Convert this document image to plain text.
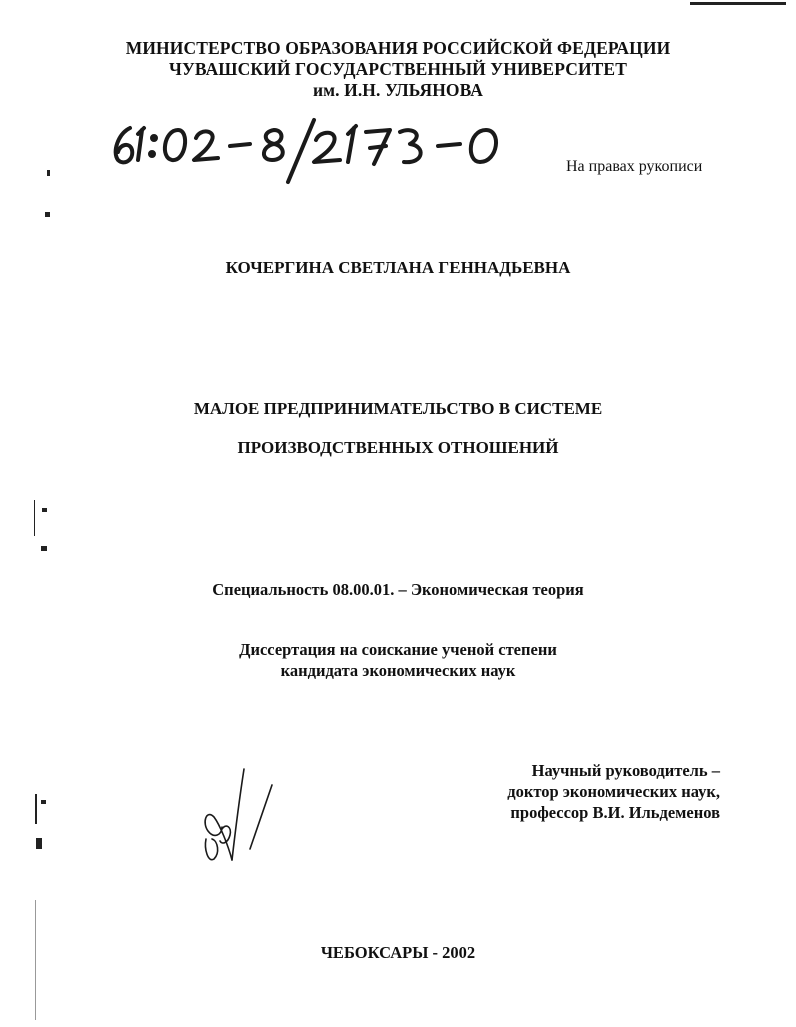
МИНИСТЕРСТВО ОБРАЗОВАНИЯ РОССИЙСКОЙ ФЕДЕРАЦИИ
ЧУВАШСКИЙ ГОСУДАРСТВЕННЫЙ УНИВЕРСИТЕТ
им. И.Н. УЛЬЯНОВА
На правах рукописи
КОЧЕРГИНА СВЕТЛАНА ГЕННАДЬЕВНА
МАЛОЕ ПРЕДПРИНИМАТЕЛЬСТВО В СИСТЕМЕ
ПРОИЗВОДСТВЕННЫХ ОТНОШЕНИЙ
Специальность 08.00.01. – Экономическая теория
Диссертация на соискание ученой степени
кандидата экономических наук
Научный руководитель –
доктор экономических наук,
профессор В.И. Ильдеменов
ЧЕБОКСАРЫ - 2002
